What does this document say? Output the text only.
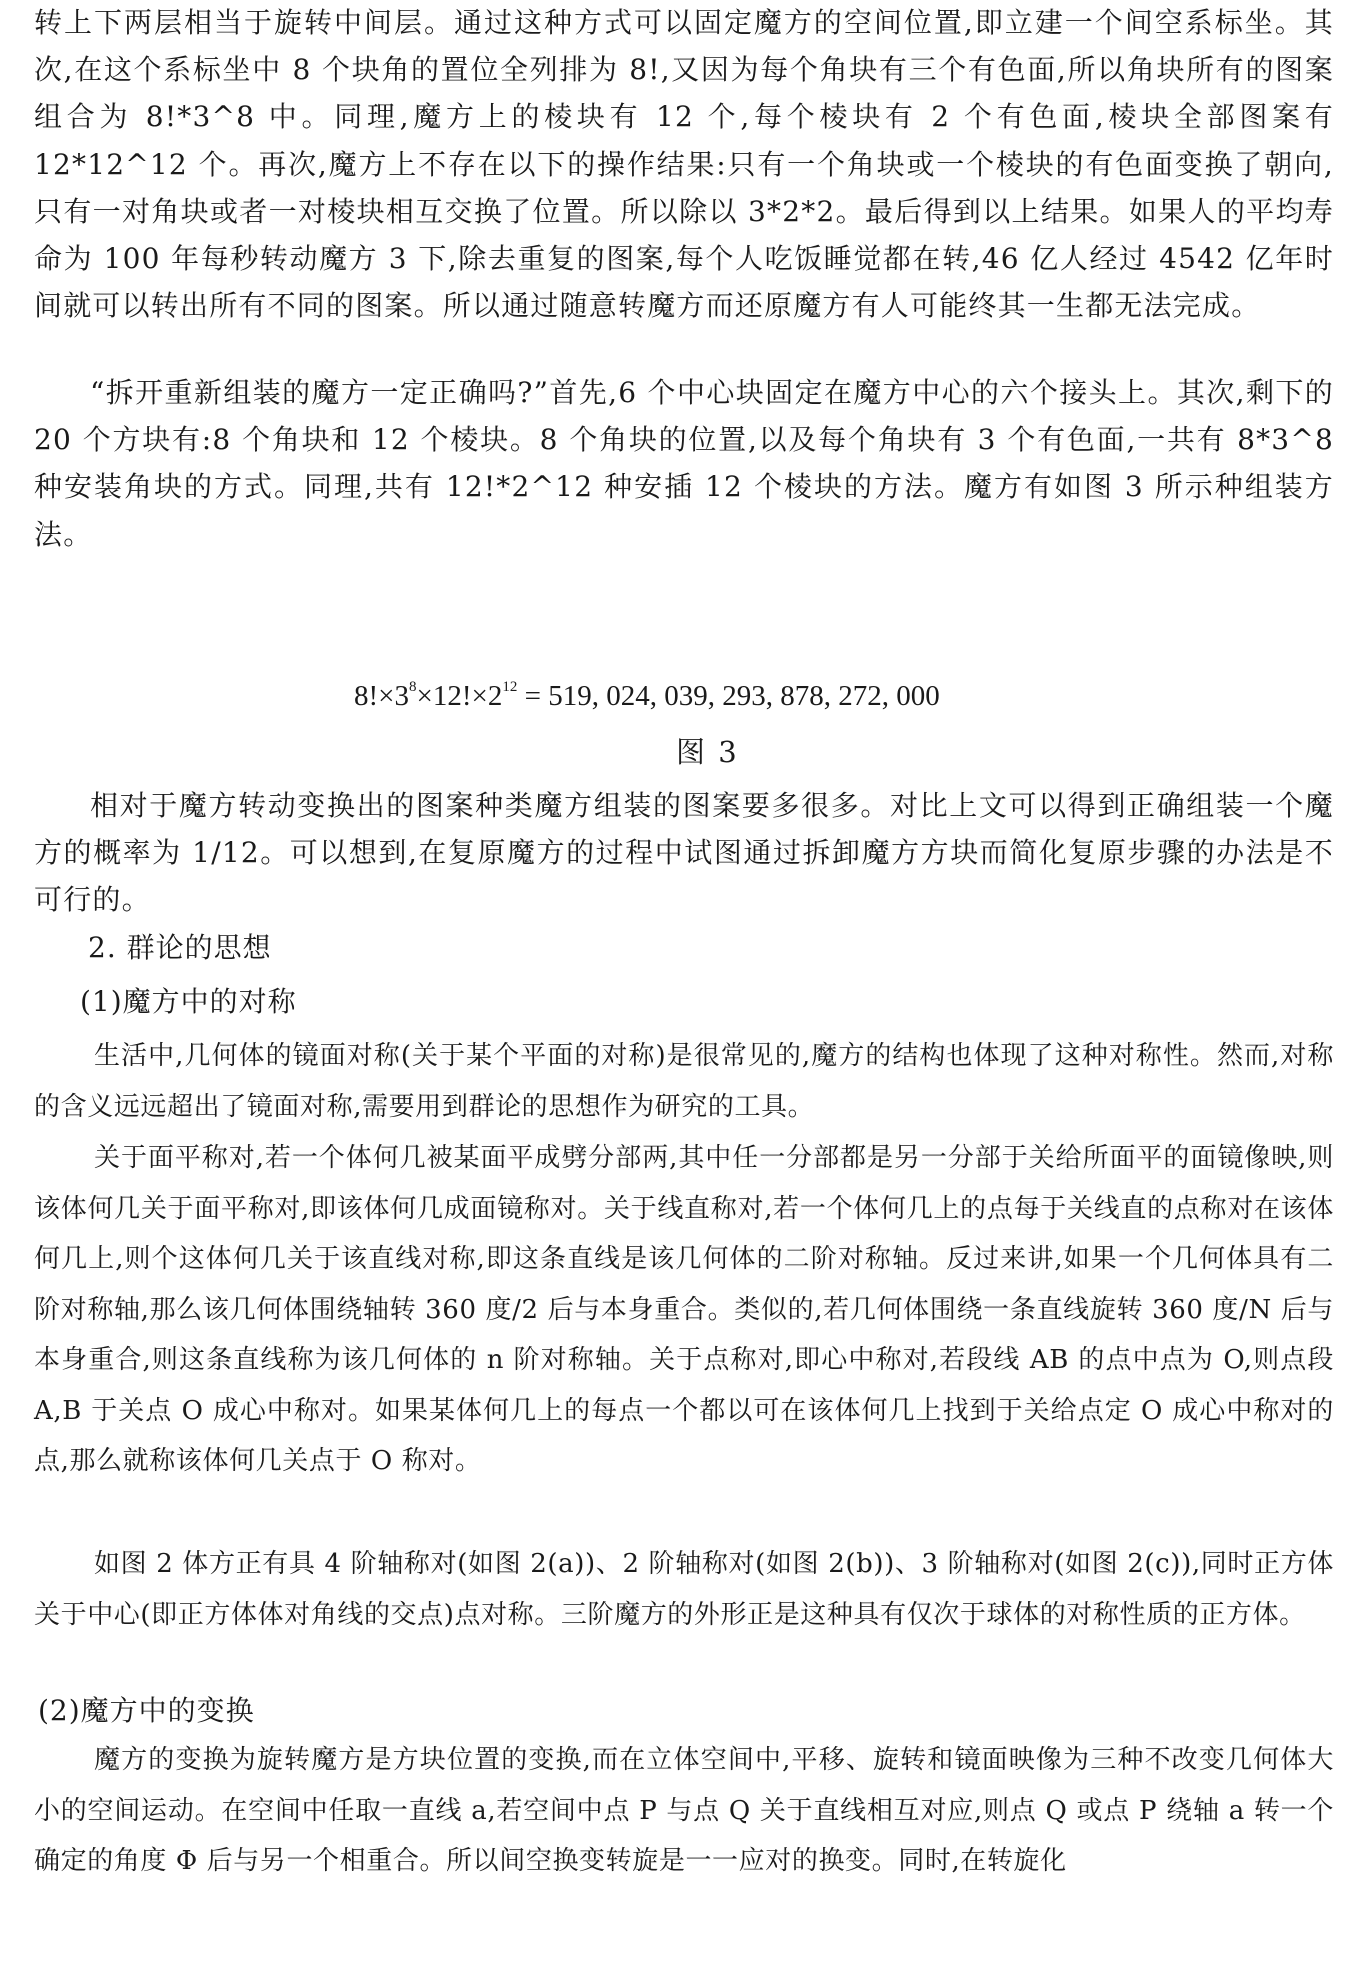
转上下两层相当于旋转中间层。通过这种方式可以固定魔方的空间位置,即立建一个间空系标坐。其次,在这个系标坐中 8 个块角的置位全列排为 8!,又因为每个角块有三个有色面,所以角块所有的图案组合为 8!*3^8 中。同理,魔方上的棱块有 12 个,每个棱块有 2 个有色面,棱块全部图案有 12*12^12 个。再次,魔方上不存在以下的操作结果:只有一个角块或一个棱块的有色面变换了朝向,只有一对角块或者一对棱块相互交换了位置。所以除以 3*2*2。最后得到以上结果。如果人的平均寿命为 100 年每秒转动魔方 3 下,除去重复的图案,每个人吃饭睡觉都在转,46 亿人经过 4542 亿年时间就可以转出所有不同的图案。所以通过随意转魔方而还原魔方有人可能终其一生都无法完成。
“拆开重新组装的魔方一定正确吗?”首先,6 个中心块固定在魔方中心的六个接头上。其次,剩下的 20 个方块有:8 个角块和 12 个棱块。8 个角块的位置,以及每个角块有 3 个有色面,一共有 8*3^8 种安装角块的方式。同理,共有 12!*2^12 种安插 12 个棱块的方法。魔方有如图 3 所示种组装方法。
$8!\times 3^8\times 12!\times 2^{12} = 519$, 024, 039, 293, 878, 272, 000
图 3
相对于魔方转动变换出的图案种类魔方组装的图案要多很多。对比上文可以得到正确组装一个魔方的概率为 1/12。可以想到,在复原魔方的过程中试图通过拆卸魔方方块而简化复原步骤的办法是不可行的。
2. 群论的思想
(1)魔方中的对称
生活中,几何体的镜面对称(关于某个平面的对称)是很常见的,魔方的结构也体现了这种对称性。然而,对称的含义远远超出了镜面对称,需要用到群论的思想作为研究的工具。
关于面平称对,若一个体何几被某面平成劈分部两,其中任一分部都是另一分部于关给所面平的面镜像映,则该体何几关于面平称对,即该体何几成面镜称对。关于线直称对,若一个体何几上的点每于关线直的点称对在该体何几上,则个这体何几关于该直线对称,即这条直线是该几何体的二阶对称轴。反过来讲,如果一个几何体具有二阶对称轴,那么该几何体围绕轴转 360 度/2 后与本身重合。类似的,若几何体围绕一条直线旋转 360 度/N 后与本身重合,则这条直线称为该几何体的 n 阶对称轴。关于点称对,即心中称对,若段线 AB 的点中点为 O,则点段 A,B 于关点 O 成心中称对。如果某体何几上的每点一个都以可在该体何几上找到于关给点定 O 成心中称对的点,那么就称该体何几关点于 O 称对。
如图 2 体方正有具 4 阶轴称对(如图 2(a))、2 阶轴称对(如图 2(b))、3 阶轴称对(如图 2(c)),同时正方体关于中心(即正方体体对角线的交点)点对称。三阶魔方的外形正是这种具有仅次于球体的对称性质的正方体。
(2)魔方中的变换
魔方的变换为旋转魔方是方块位置的变换,而在立体空间中,平移、旋转和镜面映像为三种不改变几何体大小的空间运动。在空间中任取一直线 a,若空间中点 P 与点 Q 关于直线相互对应,则点 Q 或点 P 绕轴 a 转一个确定的角度 Φ 后与另一个相重合。所以间空换变转旋是一一应对的换变。同时,在转旋化
